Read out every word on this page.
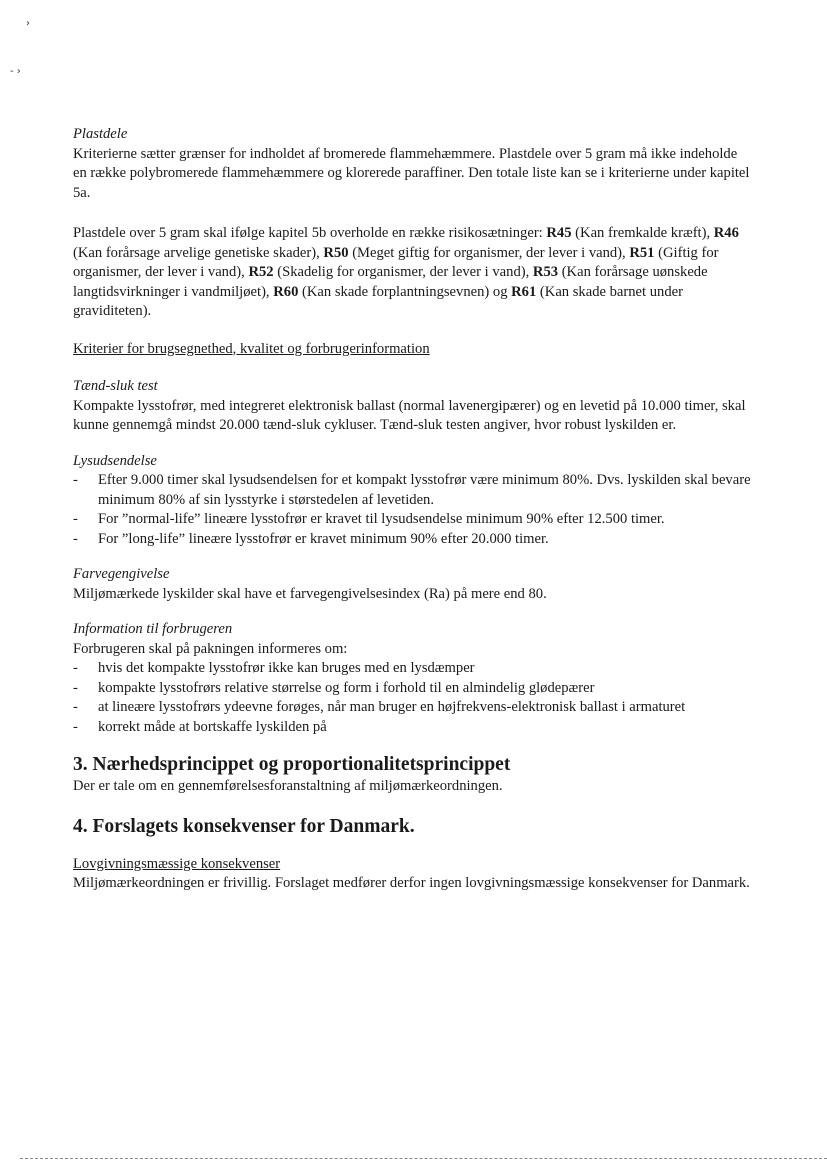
›
- ›

Plastdele

Kriterierne sætter grænser for indholdet af bromerede flammehæmmere. Plastdele over 5 gram må ikke indeholde en række polybromerede flammehæmmere og klorerede paraffiner. Den totale liste kan se i kriterierne under kapitel 5a.

Plastdele over 5 gram skal ifølge kapitel 5b overholde en række risikosætninger: R45 (Kan fremkalde kræft), R46 (Kan forårsage arvelige genetiske skader), R50 (Meget giftig for organismer, der lever i vand), R51 (Giftig for organismer, der lever i vand), R52 (Skadelig for organismer, der lever i vand), R53 (Kan forårsage uønskede langtidsvirkninger i vandmiljøet), R60 (Kan skade forplantningsevnen) og R61 (Kan skade barnet under graviditeten).

Kriterier for brugsegnethed, kvalitet og forbrugerinformation

Tænd-sluk test

Kompakte lysstofrør, med integreret elektronisk ballast (normal lavenergipærer) og en levetid på 10.000 timer, skal kunne gennemgå mindst 20.000 tænd-sluk cykluser. Tænd-sluk testen angiver, hvor robust lyskilden er.

Lysudsendelse

- Efter 9.000 timer skal lysudsendelsen for et kompakt lysstofrør være minimum 80%. Dvs. lyskilden skal bevare minimum 80% af sin lysstyrke i størstedelen af levetiden.
- For ”normal-life” lineære lysstofrør er kravet til lysudsendelse minimum 90% efter 12.500 timer.
- For ”long-life” lineære lysstofrør er kravet minimum 90% efter 20.000 timer.

Farvegengivelse

Miljømærkede lyskilder skal have et farvegengivelsesindex (Ra) på mere end 80.

Information til forbrugeren

Forbrugeren skal på pakningen informeres om:

- hvis det kompakte lysstofrør ikke kan bruges med en lysdæmper
- kompakte lysstofrørs relative størrelse og form i forhold til en almindelig glødepærer
- at lineære lysstofrørs ydeevne forøges, når man bruger en højfrekvens-elektronisk ballast i armaturet
- korrekt måde at bortskaffe lyskilden på
3. Nærhedsprincippet og proportionalitetsprincippet

Der er tale om en gennemførelsesforanstaltning af miljømærkeordningen.

4. Forslagets konsekvenser for Danmark.

Lovgivningsmæssige konsekvenser

Miljømærkeordningen er frivillig. Forslaget medfører derfor ingen lovgivningsmæssige konsekvenser for Danmark.
